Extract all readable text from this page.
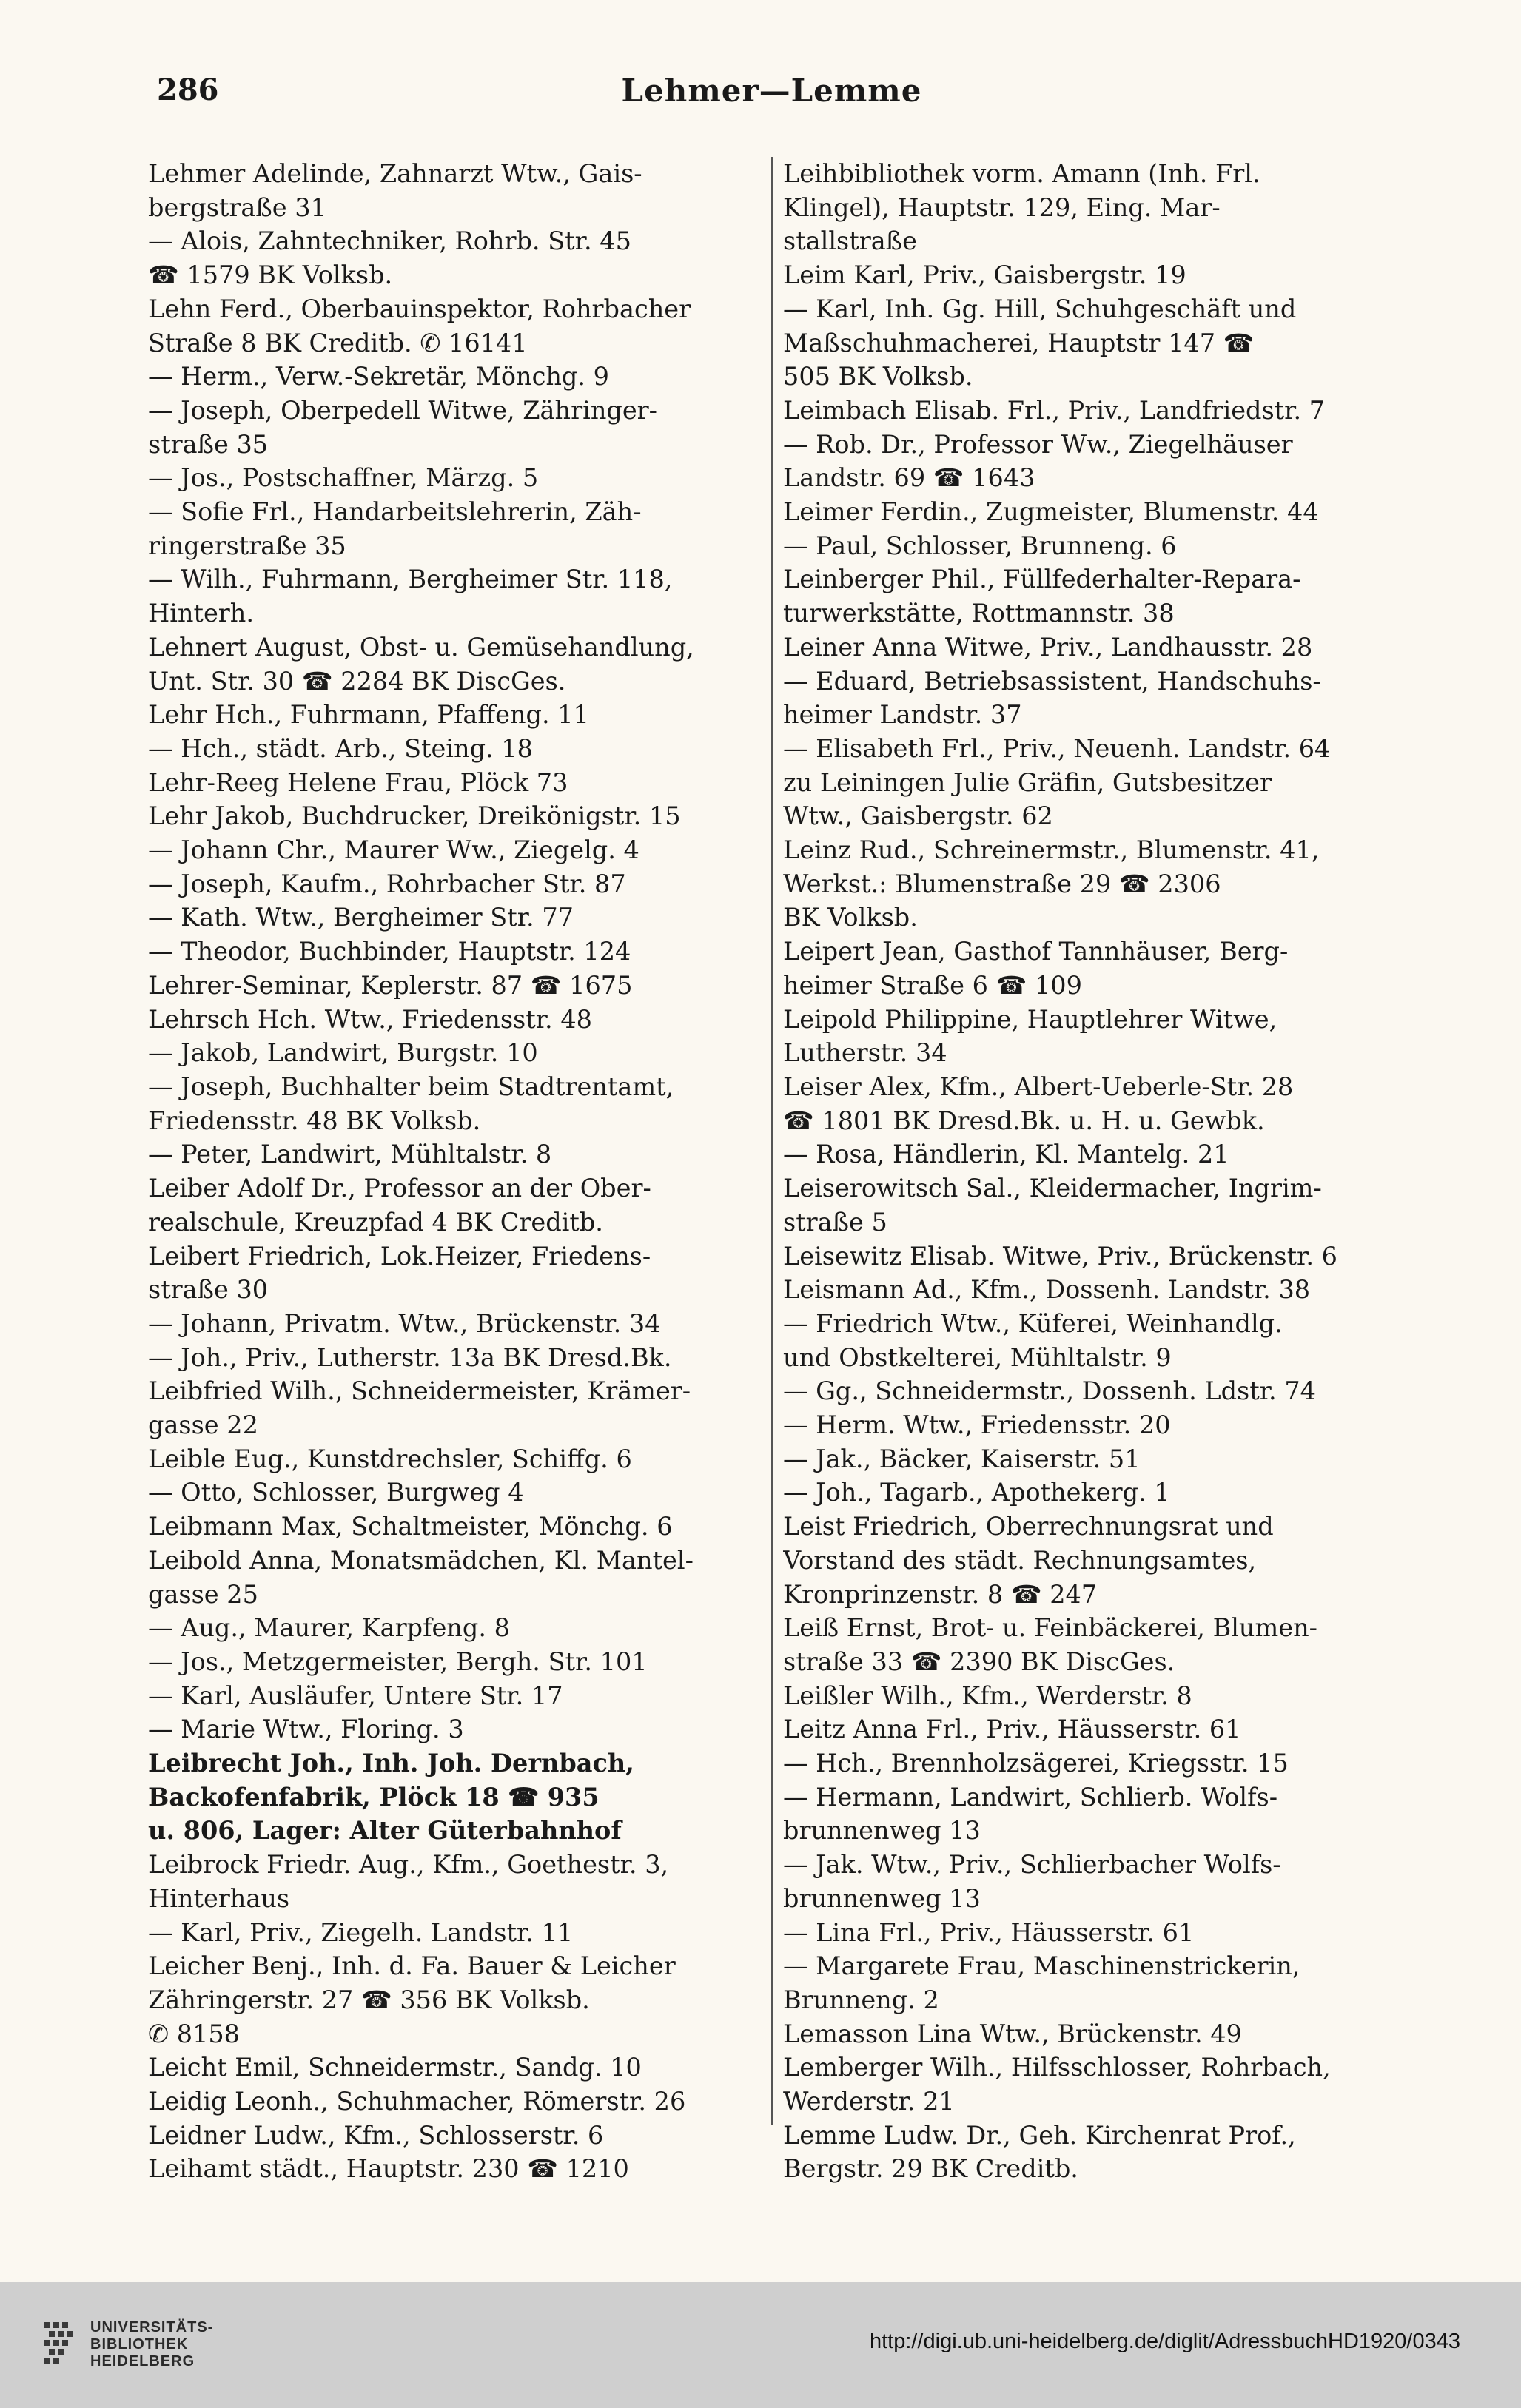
286	Lehmer—Lemme
Lehmer Adelinde, Zahnarzt Wtw., Gais-
bergstraße 31
— Alois, Zahntechniker, Rohrb. Str. 45
☎ 1579 BK Volksb.
Lehn Ferd., Oberbauinspektor, Rohrbacher
Straße 8 BK Creditb. ✆ 16141
— Herm., Verw.-Sekretär, Mönchg. 9
— Joseph, Oberpedell Witwe, Zähringer-
straße 35
— Jos., Postschaffner, Märzg. 5
— Sofie Frl., Handarbeitslehrerin, Zäh-
ringerstraße 35
— Wilh., Fuhrmann, Bergheimer Str. 118,
Hinterh.
Lehnert August, Obst- u. Gemüsehandlung,
Unt. Str. 30 ☎ 2284 BK DiscGes.
Lehr Hch., Fuhrmann, Pfaffeng. 11
— Hch., städt. Arb., Steing. 18
Lehr-Reeg Helene Frau, Plöck 73
Lehr Jakob, Buchdrucker, Dreikönigstr. 15
— Johann Chr., Maurer Ww., Ziegelg. 4
— Joseph, Kaufm., Rohrbacher Str. 87
— Kath. Wtw., Bergheimer Str. 77
— Theodor, Buchbinder, Hauptstr. 124
Lehrer-Seminar, Keplerstr. 87 ☎ 1675
Lehrsch Hch. Wtw., Friedensstr. 48
— Jakob, Landwirt, Burgstr. 10
— Joseph, Buchhalter beim Stadtrentamt,
Friedensstr. 48 BK Volksb.
— Peter, Landwirt, Mühltalstr. 8
Leiber Adolf Dr., Professor an der Ober-
realschule, Kreuzpfad 4 BK Creditb.
Leibert Friedrich, Lok.Heizer, Friedens-
straße 30
— Johann, Privatm. Wtw., Brückenstr. 34
— Joh., Priv., Lutherstr. 13a BK Dresd.Bk.
Leibfried Wilh., Schneidermeister, Krämer-
gasse 22
Leible Eug., Kunstdrechsler, Schiffg. 6
— Otto, Schlosser, Burgweg 4
Leibmann Max, Schaltmeister, Mönchg. 6
Leibold Anna, Monatsmädchen, Kl. Mantel-
gasse 25
— Aug., Maurer, Karpfeng. 8
— Jos., Metzgermeister, Bergh. Str. 101
— Karl, Ausläufer, Untere Str. 17
— Marie Wtw., Floring. 3
Leibrecht Joh., Inh. Joh. Dernbach,
Backofenfabrik, Plöck 18 ☎ 935
u. 806, Lager: Alter Güterbahnhof
Leibrock Friedr. Aug., Kfm., Goethestr. 3,
Hinterhaus
— Karl, Priv., Ziegelh. Landstr. 11
Leicher Benj., Inh. d. Fa. Bauer & Leicher
Zähringerstr. 27 ☎ 356 BK Volksb.
✆ 8158
Leicht Emil, Schneidermstr., Sandg. 10
Leidig Leonh., Schuhmacher, Römerstr. 26
Leidner Ludw., Kfm., Schlosserstr. 6
Leihamt städt., Hauptstr. 230 ☎ 1210
Leihbibliothek vorm. Amann (Inh. Frl.
Klingel), Hauptstr. 129, Eing. Mar-
stallstraße
Leim Karl, Priv., Gaisbergstr. 19
— Karl, Inh. Gg. Hill, Schuhgeschäft und
Maßschuhmacherei, Hauptstr 147 ☎
505 BK Volksb.
Leimbach Elisab. Frl., Priv., Landfriedstr. 7
— Rob. Dr., Professor Ww., Ziegelhäuser
Landstr. 69 ☎ 1643
Leimer Ferdin., Zugmeister, Blumenstr. 44
— Paul, Schlosser, Brunneng. 6
Leinberger Phil., Füllfederhalter-Repara-
turwerkstätte, Rottmannstr. 38
Leiner Anna Witwe, Priv., Landhausstr. 28
— Eduard, Betriebsassistent, Handschuhs-
heimer Landstr. 37
— Elisabeth Frl., Priv., Neuenh. Landstr. 64
zu Leiningen Julie Gräfin, Gutsbesitzer
Wtw., Gaisbergstr. 62
Leinz Rud., Schreinermstr., Blumenstr. 41,
Werkst.: Blumenstraße 29 ☎ 2306
BK Volksb.
Leipert Jean, Gasthof Tannhäuser, Berg-
heimer Straße 6 ☎ 109
Leipold Philippine, Hauptlehrer Witwe,
Lutherstr. 34
Leiser Alex, Kfm., Albert-Ueberle-Str. 28
☎ 1801 BK Dresd.Bk. u. H. u. Gewbk.
— Rosa, Händlerin, Kl. Mantelg. 21
Leiserowitsch Sal., Kleidermacher, Ingrim-
straße 5
Leisewitz Elisab. Witwe, Priv., Brückenstr. 6
Leismann Ad., Kfm., Dossenh. Landstr. 38
— Friedrich Wtw., Küferei, Weinhandlg.
und Obstkelterei, Mühltalstr. 9
— Gg., Schneidermstr., Dossenh. Ldstr. 74
— Herm. Wtw., Friedensstr. 20
— Jak., Bäcker, Kaiserstr. 51
— Joh., Tagarb., Apothekerg. 1
Leist Friedrich, Oberrechnungsrat und
Vorstand des städt. Rechnungsamtes,
Kronprinzenstr. 8 ☎ 247
Leiß Ernst, Brot- u. Feinbäckerei, Blumen-
straße 33 ☎ 2390 BK DiscGes.
Leißler Wilh., Kfm., Werderstr. 8
Leitz Anna Frl., Priv., Häusserstr. 61
— Hch., Brennholzsägerei, Kriegsstr. 15
— Hermann, Landwirt, Schlierb. Wolfs-
brunnenweg 13
— Jak. Wtw., Priv., Schlierbacher Wolfs-
brunnenweg 13
— Lina Frl., Priv., Häusserstr. 61
— Margarete Frau, Maschinenstrickerin,
Brunneng. 2
Lemasson Lina Wtw., Brückenstr. 49
Lemberger Wilh., Hilfsschlosser, Rohrbach,
Werderstr. 21
Lemme Ludw. Dr., Geh. Kirchenrat Prof.,
Bergstr. 29 BK Creditb.
UNIVERSITÄTS-
BIBLIOTHEK
HEIDELBERG
http://digi.ub.uni-heidelberg.de/diglit/AdressbuchHD1920/0343
